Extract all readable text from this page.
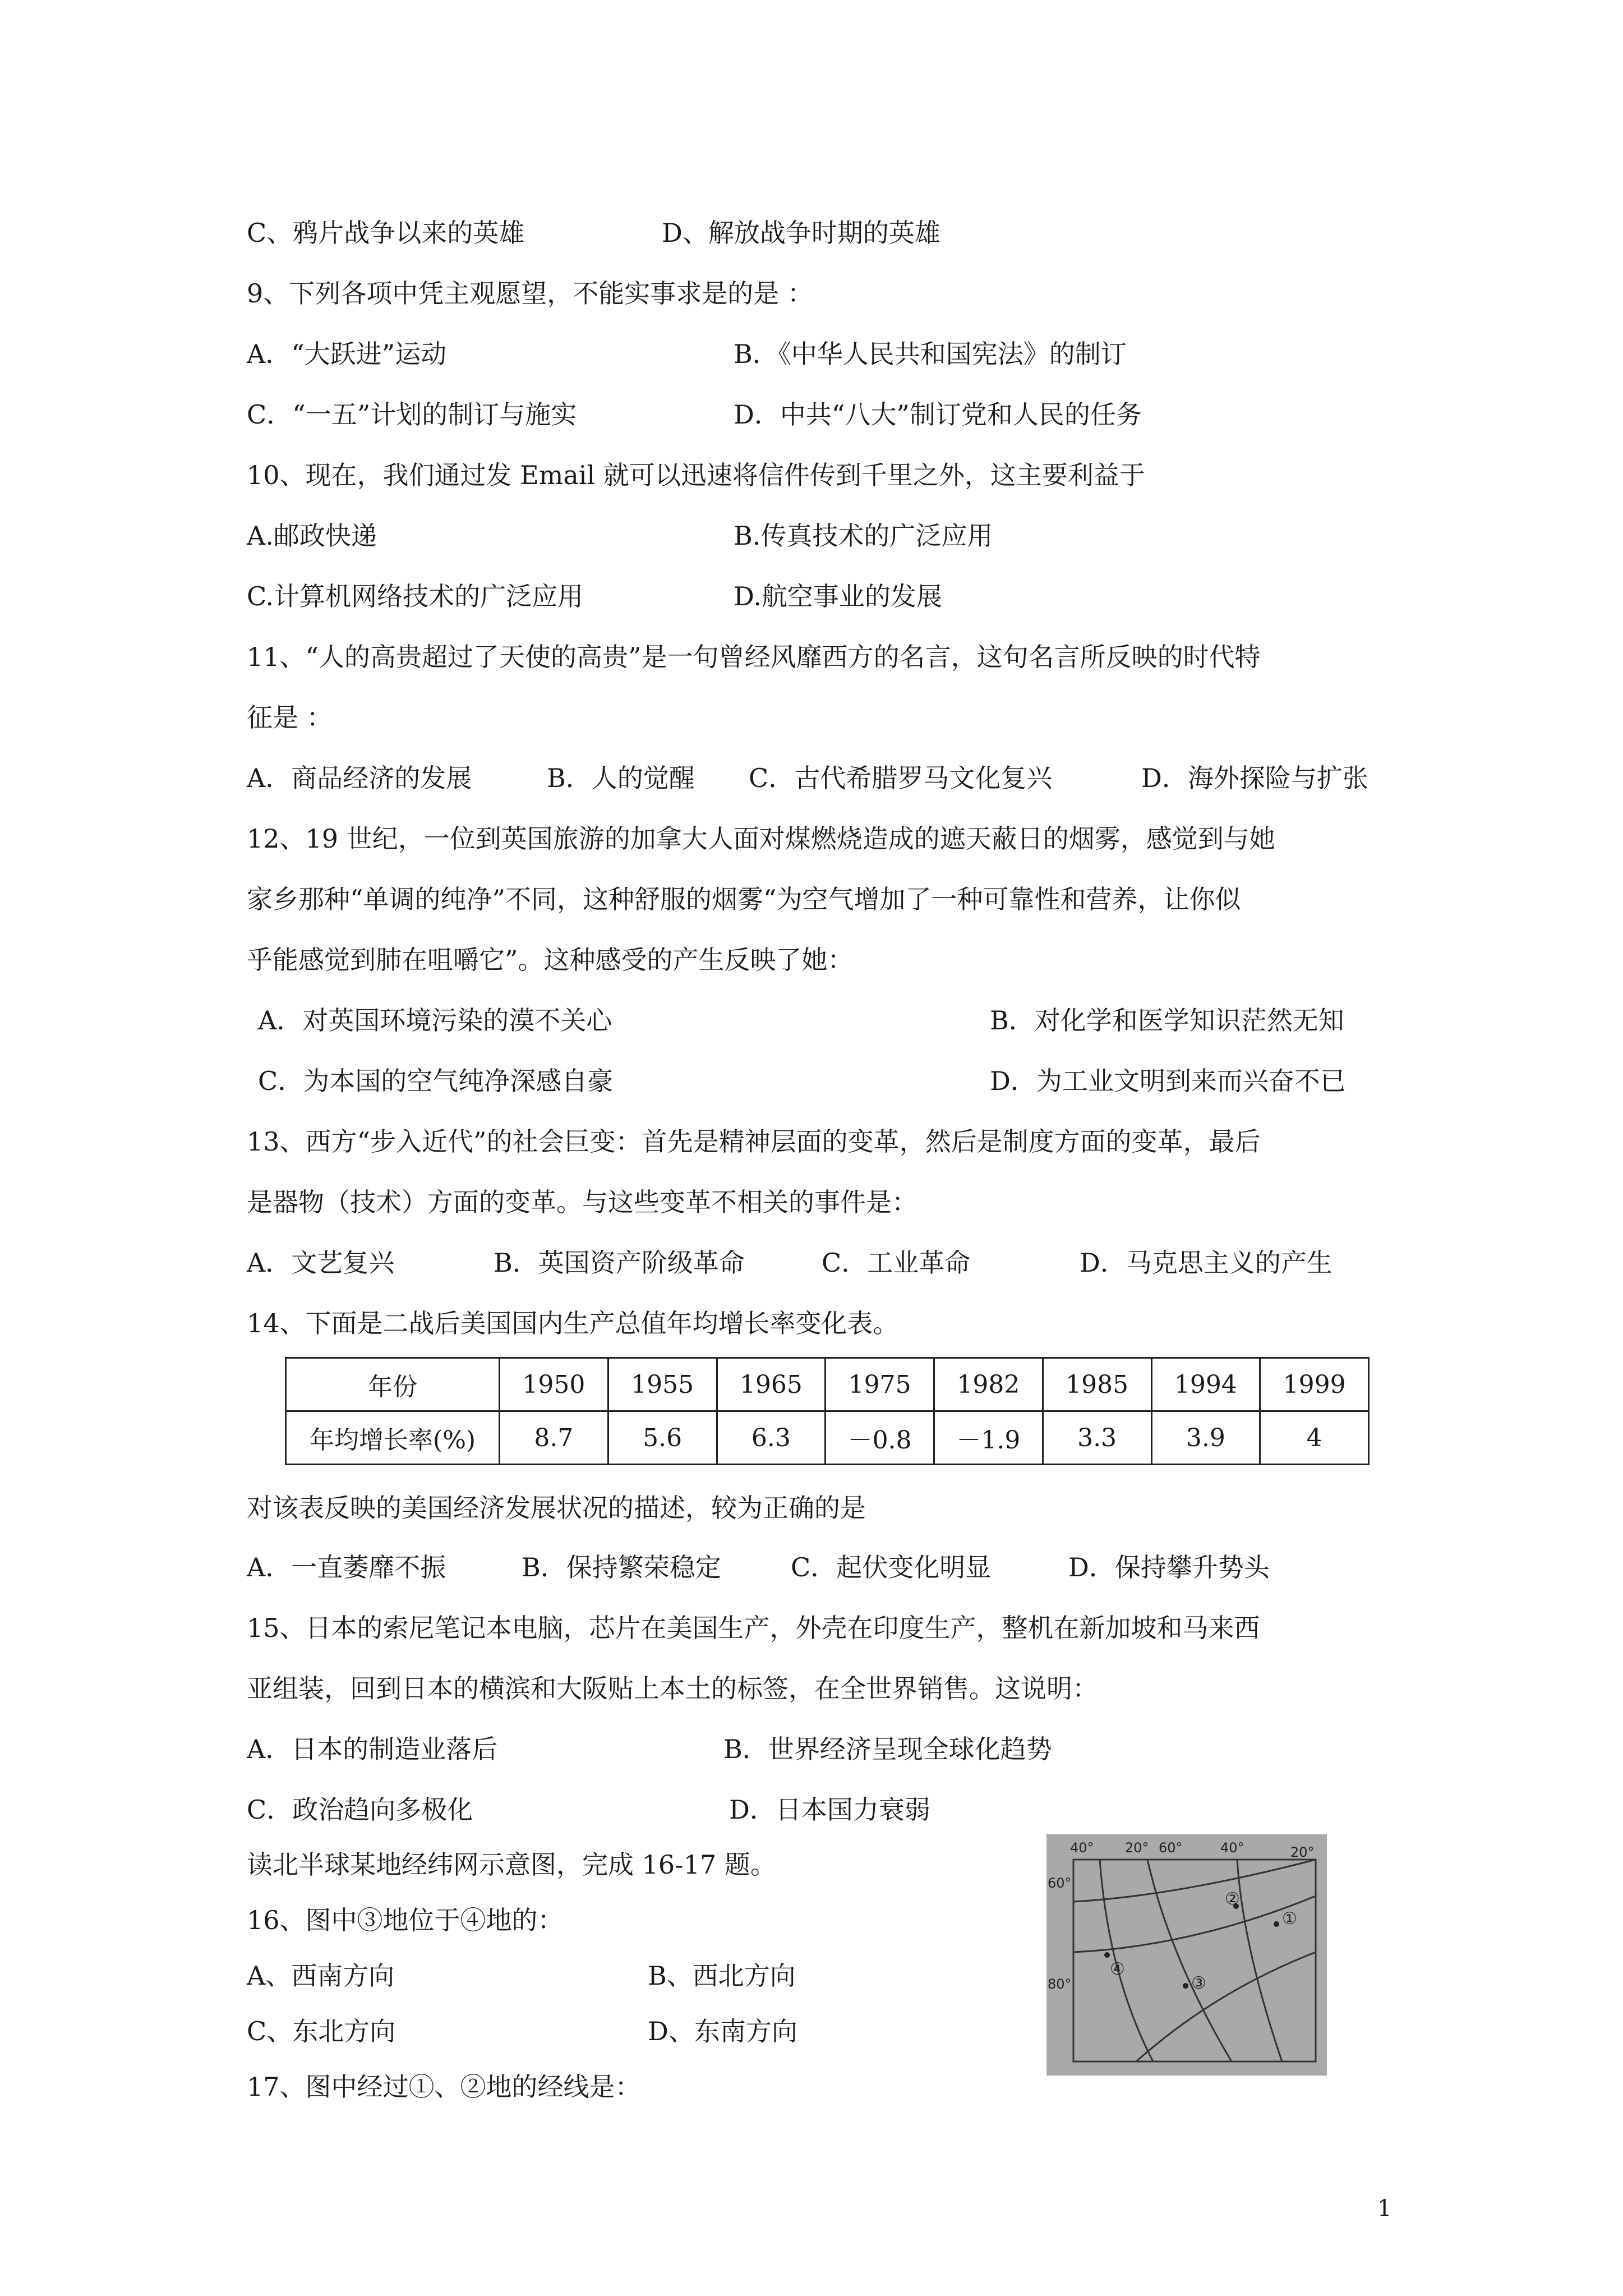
C、鸦片战争以来的英雄	D、解放战争时期的英雄
9、下列各项中凭主观愿望，不能实事求是的是 ：
A．“大跃进”运动	B．《中华人民共和国宪法》的制订
C．“一五”计划的制订与施实	D．中共“八大”制订党和人民的任务
10、现在，我们通过发 Email 就可以迅速将信件传到千里之外，这主要利益于
A.邮政快递	B.传真技术的广泛应用
C.计算机网络技术的广泛应用	D.航空事业的发展
11、“人的高贵超过了天使的高贵”是一句曾经风靡西方的名言，这句名言所反映的时代特
征是 ：
A．商品经济的发展	B．人的觉醒 C．古代希腊罗马文化复兴	D．海外探险与扩张
12、19 世纪，一位到英国旅游的加拿大人面对煤燃烧造成的遮天蔽日的烟雾，感觉到与她
家乡那种“单调的纯净”不同，这种舒服的烟雾“为空气增加了一种可靠性和营养，让你似
乎能感觉到肺在咀嚼它”。这种感受的产生反映了她：
A．对英国环境污染的漠不关心	B．对化学和医学知识茫然无知
C．为本国的空气纯净深感自豪	D．为工业文明到来而兴奋不已
13、西方“步入近代”的社会巨变：首先是精神层面的变革，然后是制度方面的变革，最后
是器物（技术）方面的变革。与这些变革不相关的事件是：
A．文艺复兴	B．英国资产阶级革命	C．工业革命	D．马克思主义的产生
14、下面是二战后美国国内生产总值年均增长率变化表。
年份	1950	1955	1965	1975	1982	1985	1994	1999
年均增长率(%)	8.7	5.6	6.3	－0.8	－1.9	3.3	3.9	4
对该表反映的美国经济发展状况的描述，较为正确的是
A．一直萎靡不振	B．保持繁荣稳定	C．起伏变化明显	D．保持攀升势头
15、日本的索尼笔记本电脑，芯片在美国生产，外壳在印度生产，整机在新加坡和马来西
亚组装，回到日本的横滨和大阪贴上本土的标签，在全世界销售。这说明：
A．日本的制造业落后	B．世界经济呈现全球化趋势
C．政治趋向多极化	D．日本国力衰弱
读北半球某地经纬网示意图，完成 16-17 题。
16、图中③地位于④地的：
A、西南方向	B、西北方向
C、东北方向	D、东南方向
17、图中经过①、②地的经线是：
40° 20° 60°	40°	20°
60°
80°
①
②
③
④
1
